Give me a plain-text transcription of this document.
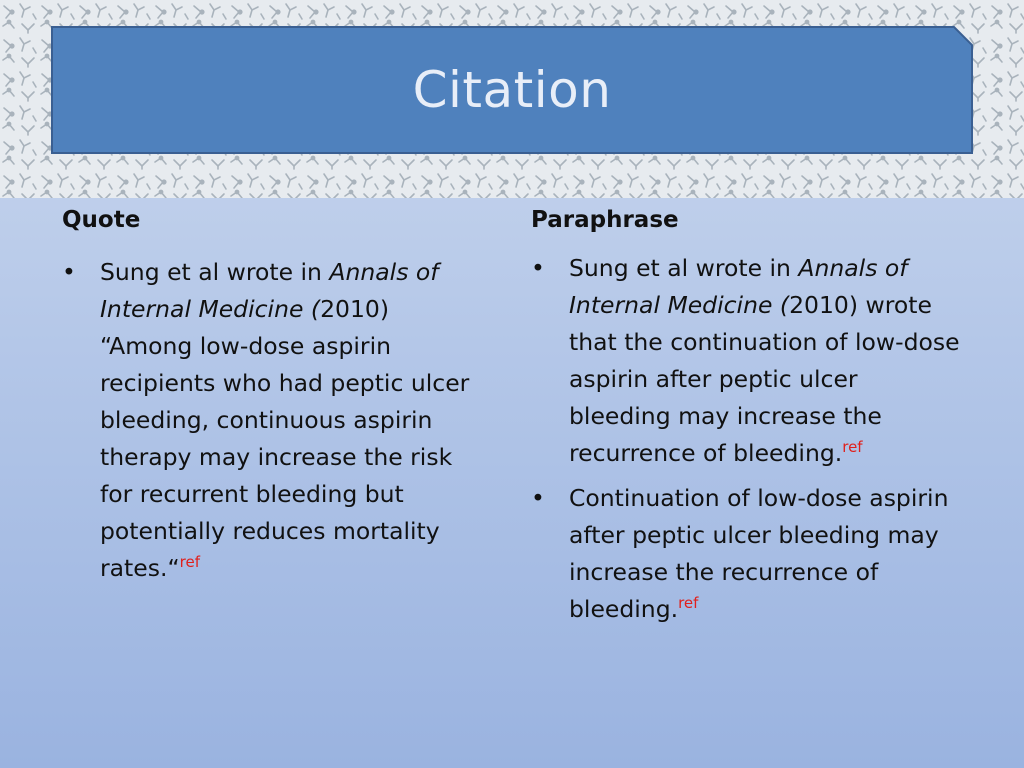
Citation
Quote
• Sung et al wrote in Annals of Internal Medicine (2010) “Among low-dose aspirin recipients who had peptic ulcer bleeding, continuous aspirin therapy may increase the risk for recurrent bleeding but potentially reduces mortality rates.“$^{ref}$
Paraphrase
• Sung et al wrote in Annals of Internal Medicine (2010) wrote that the continuation of low-dose aspirin after peptic ulcer bleeding may increase the recurrence of bleeding.$^{ref}$
• Continuation of low-dose aspirin after peptic ulcer bleeding may increase the recurrence of bleeding.$^{ref}$
